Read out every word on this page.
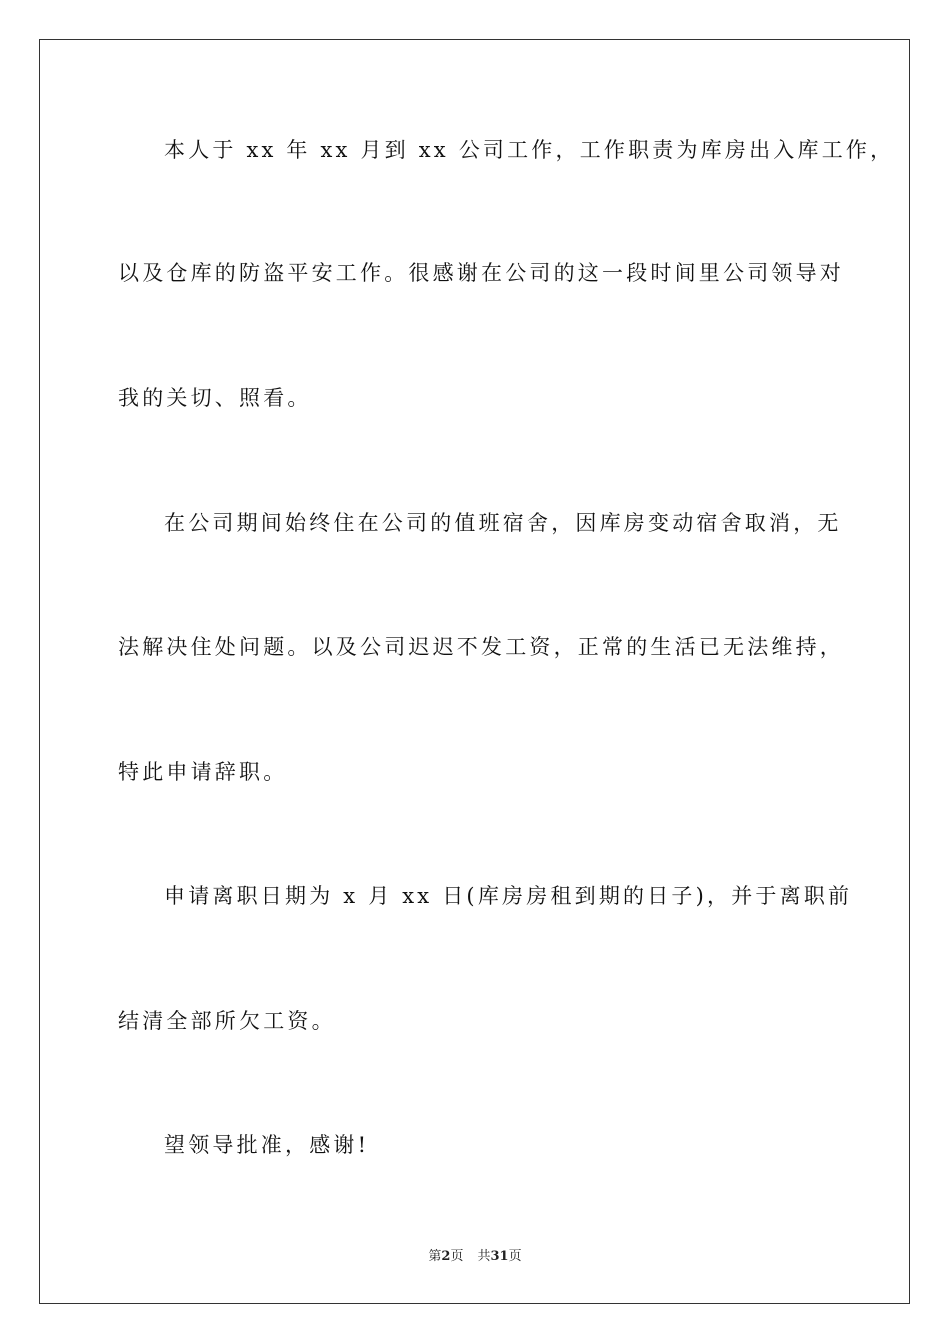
本人于 xx 年 xx 月到 xx 公司工作，工作职责为库房出入库工作，
以及仓库的防盗平安工作。很感谢在公司的这一段时间里公司领导对
我的关切、照看。
在公司期间始终住在公司的值班宿舍，因库房变动宿舍取消，无
法解决住处问题。以及公司迟迟不发工资，正常的生活已无法维持，
特此申请辞职。
申请离职日期为 x 月 xx 日(库房房租到期的日子)，并于离职前
结清全部所欠工资。
望领导批准，感谢!
第2页 共31页
